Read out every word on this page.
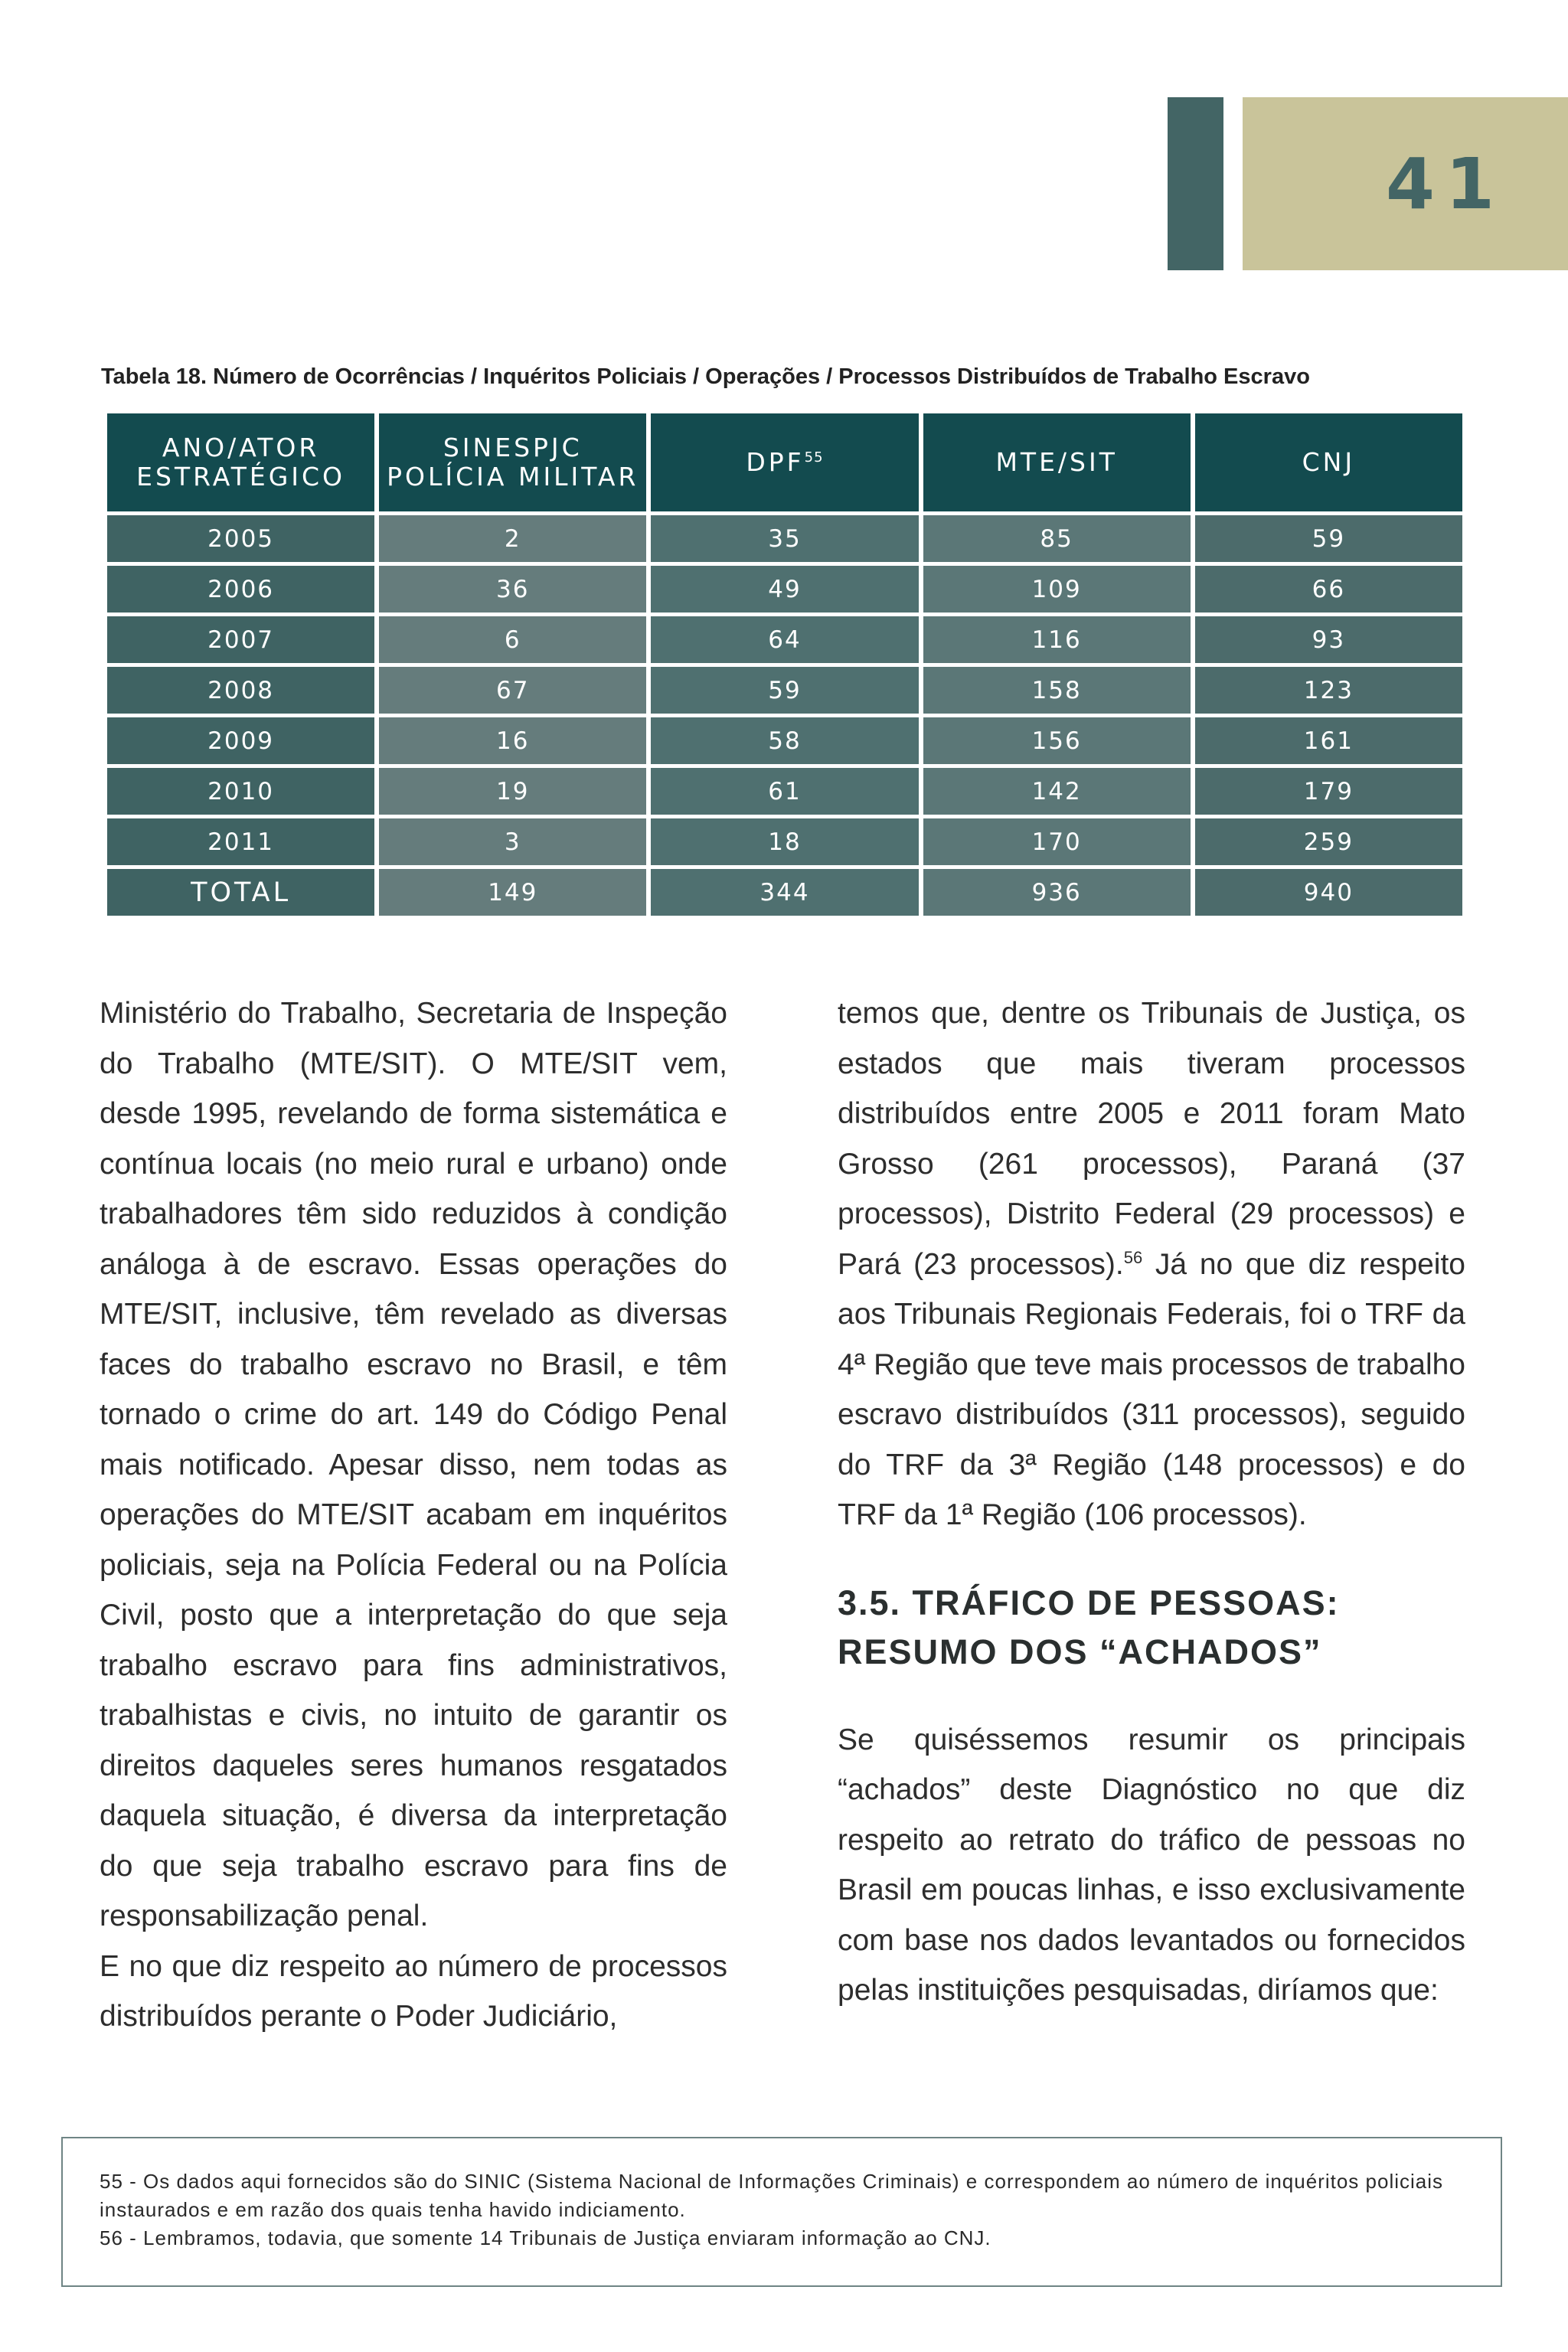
41
Tabela 18. Número de Ocorrências / Inquéritos Policiais / Operações / Processos Distribuídos de Trabalho Escravo
ANO/ATOR ESTRATÉGICO	SINESPJC POLÍCIA MILITAR	DPF$^{55}$	MTE/SIT	CNJ
2005	2	35	85	59
2006	36	49	109	66
2007	6	64	116	93
2008	67	59	158	123
2009	16	58	156	161
2010	19	61	142	179
2011	3	18	170	259
TOTAL	149	344	936	940

Ministério do Trabalho, Secretaria de Inspeção do Trabalho (MTE/SIT). O MTE/SIT vem, desde 1995, revelando de forma sistemática e contínua locais (no meio rural e urbano) onde trabalhadores têm sido reduzidos à condição análoga à de escravo. Essas operações do MTE/SIT, inclusive, têm revelado as diversas faces do trabalho escravo no Brasil, e têm tornado o crime do art. 149 do Código Penal mais notificado. Apesar disso, nem todas as operações do MTE/SIT acabam em inquéritos policiais, seja na Polícia Federal ou na Polícia Civil, posto que a interpretação do que seja trabalho escravo para fins administrativos, trabalhistas e civis, no intuito de garantir os direitos daqueles seres humanos resgatados daquela situação, é diversa da interpretação do que seja trabalho escravo para fins de responsabilização penal.

E no que diz respeito ao número de processos distribuídos perante o Poder Judiciário,

temos que, dentre os Tribunais de Justiça, os estados que mais tiveram processos distribuídos entre 2005 e 2011 foram Mato Grosso (261 processos), Paraná (37 processos), Distrito Federal (29 processos) e Pará (23 processos).$^{56}$ Já no que diz respeito aos Tribunais Regionais Federais, foi o TRF da 4ª Região que teve mais processos de trabalho escravo distribuídos (311 processos), seguido do TRF da 3ª Região (148 processos) e do TRF da 1ª Região (106 processos).

3.5. TRÁFICO DE PESSOAS:
RESUMO DOS “ACHADOS”

Se quiséssemos resumir os principais “achados” deste Diagnóstico no que diz respeito ao retrato do tráfico de pessoas no Brasil em poucas linhas, e isso exclusivamente com base nos dados levantados ou fornecidos pelas instituições pesquisadas, diríamos que:

55 - Os dados aqui fornecidos são do SINIC (Sistema Nacional de Informações Criminais) e correspondem ao número de inquéritos policiais instaurados e em razão dos quais tenha havido indiciamento.

56 - Lembramos, todavia, que somente 14 Tribunais de Justiça enviaram informação ao CNJ.
